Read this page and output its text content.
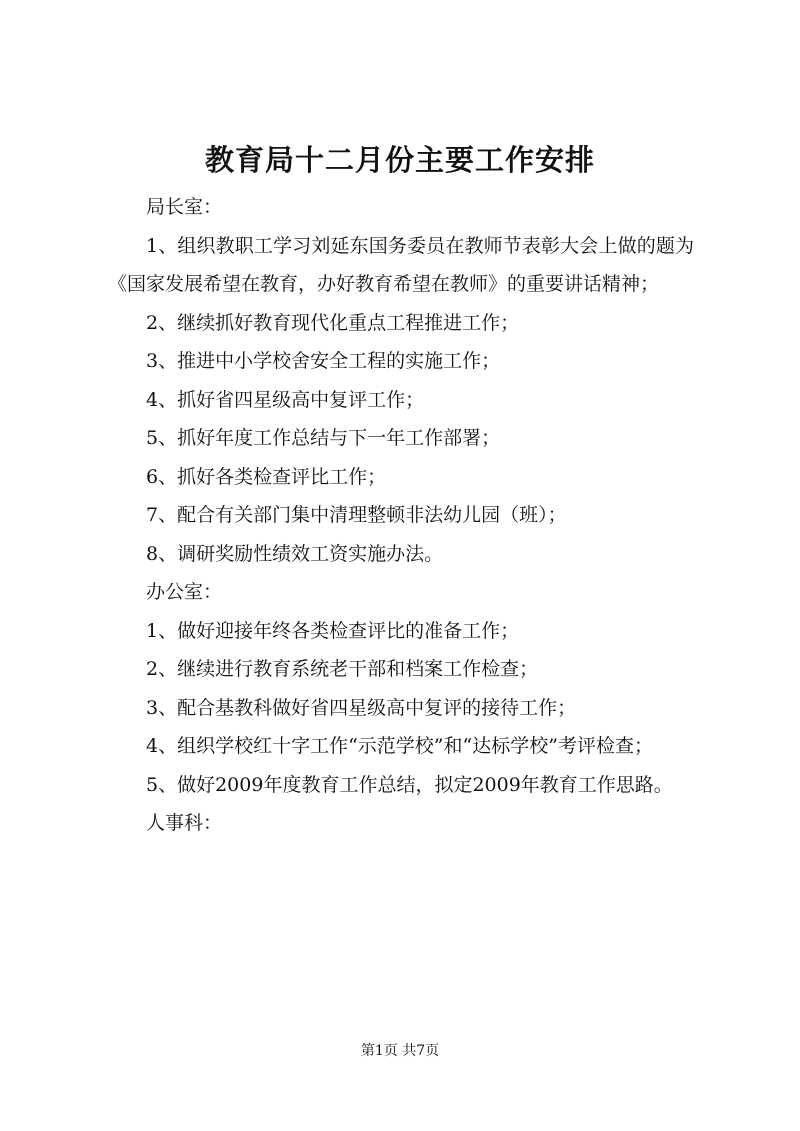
教育局十二月份主要工作安排

局长室：

1、组织教职工学习刘延东国务委员在教师节表彰大会上做的题为《国家发展希望在教育，办好教育希望在教师》的重要讲话精神；

2、继续抓好教育现代化重点工程推进工作；

3、推进中小学校舍安全工程的实施工作；

4、抓好省四星级高中复评工作；

5、抓好年度工作总结与下一年工作部署；

6、抓好各类检查评比工作；

7、配合有关部门集中清理整顿非法幼儿园（班）；

8、调研奖励性绩效工资实施办法。

办公室：

1、做好迎接年终各类检查评比的准备工作；

2、继续进行教育系统老干部和档案工作检查；

3、配合基教科做好省四星级高中复评的接待工作；

4、组织学校红十字工作“示范学校”和“达标学校”考评检查；

5、做好2009年度教育工作总结，拟定2009年教育工作思路。

人事科：

第1页 共7页
